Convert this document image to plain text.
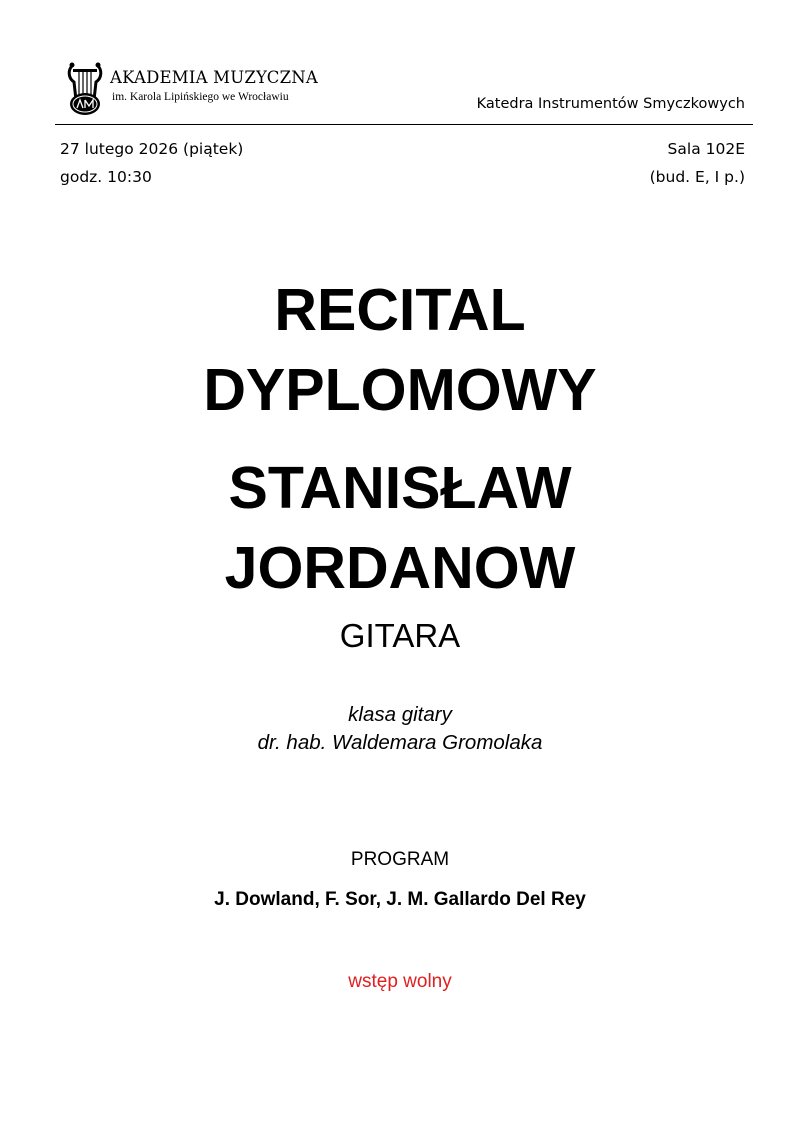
AKADEMIA MUZYCZNA
im. Karola Lipińskiego we Wrocławiu	Katedra Instrumentów Smyczkowych
27 lutego 2026 (piątek)
godz. 10:30
Sala 102E
(bud. E, I p.)
RECITAL
DYPLOMOWY
STANISŁAW
JORDANOW
GITARA
klasa gitary
dr. hab. Waldemara Gromolaka
PROGRAM
J. Dowland, F. Sor, J. M. Gallardo Del Rey
wstęp wolny
